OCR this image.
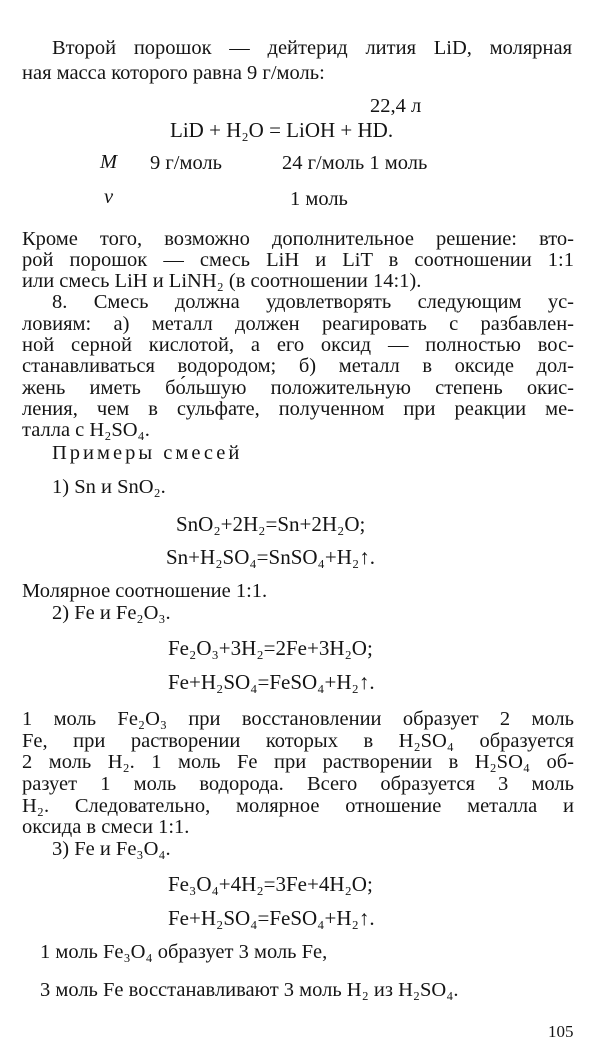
Второй порошок — дейтерид лития LiD, молярная
ная масса которого равна 9 г/моль:
22,4 л
LiD + H₂O = LiOH + HD.
M 9 г/моль	24 г/моль 1 моль
ν	1 моль
Кроме того, возможно дополнительное решение: вто-
рой порошок — смесь LiH и LiT в соотношении 1:1
или смесь LiH и LiNH₂ (в соотношении 14:1).
8. Смесь должна удовлетворять следующим ус-
ловиям: а) металл должен реагировать с разбавлен-
ной серной кислотой, а его оксид — полностью вос-
станавливаться водородом; б) металл в оксиде дол-
жень иметь бо́льшую положительную степень окис-
ления, чем в сульфате, полученном при реакции ме-
талла с H₂SO₄.
Примеры смесей
1) Sn и SnO₂.
SnO₂+2H₂=Sn+2H₂O;
Sn+H₂SO₄=SnSO₄+H₂↑.
Молярное соотношение 1:1.
2) Fe и Fe₂O₃.
Fe₂O₃+3H₂=2Fe+3H₂O;
Fe+H₂SO₄=FeSO₄+H₂↑.
1 моль Fe₂O₃ при восстановлении образует 2 моль
Fe, при растворении которых в H₂SO₄ образуется
2 моль H₂. 1 моль Fe при растворении в H₂SO₄ об-
разует 1 моль водорода. Всего образуется 3 моль
H₂. Следовательно, молярное отношение металла и
оксида в смеси 1:1.
3) Fe и Fe₃O₄.
Fe₃O₄+4H₂=3Fe+4H₂O;
Fe+H₂SO₄=FeSO₄+H₂↑.
1 моль Fe₃O₄ образует 3 моль Fe,
3 моль Fe восстанавливают 3 моль H₂ из H₂SO₄.
105
